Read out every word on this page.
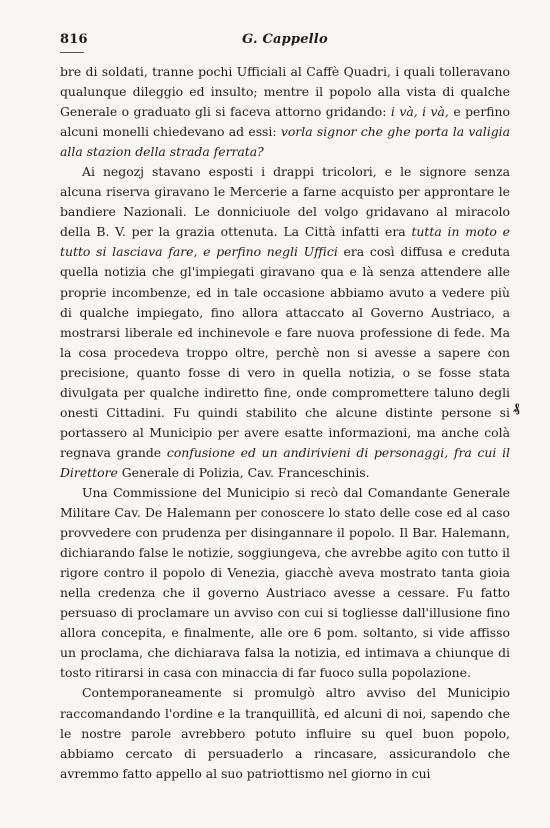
816	G. Cappello

bre di soldati, tranne pochi Ufficiali al Caffè Quadri, i quali tolleravano qualunque dileggio ed insulto; mentre il popolo alla vista di qualche Generale o graduato gli si faceva attorno gridando: i và, i và, e perfino alcuni monelli chiedevano ad essi: vorla signor che ghe porta la valigia alla stazion della strada ferrata?

Ai negozj stavano esposti i drappi tricolori, e le signore senza alcuna riserva giravano le Mercerie a farne acquisto per approntare le bandiere Nazionali. Le donniciuole del volgo gridavano al miracolo della B. V. per la grazia ottenuta. La Città infatti era tutta in moto e tutto si lasciava fare, e perfino negli Uffici era così diffusa e creduta quella notizia che gl'impiegati giravano qua e là senza attendere alle proprie incombenze, ed in tale occasione abbiamo avuto a vedere più di qualche impiegato, fino allora attaccato al Governo Austriaco, a mostrarsi liberale ed inchinevole e fare nuova professione di fede. Ma la cosa procedeva troppo oltre, perchè non si avesse a sapere con precisione, quanto fosse di vero in quella notizia, o se fosse stata divulgata per qualche indiretto fine, onde compromettere taluno degli onesti Cittadini. Fu quindi stabilito che alcune distinte persone si portassero al Municipio per avere esatte informazioni, ma anche colà regnava grande confusione ed un andirivieni di personaggi, fra cui il Direttore Generale di Polizia, Cav. Franceschinis.

Una Commissione del Municipio si recò dal Comandante Generale Militare Cav. De Halemann per conoscere lo stato delle cose ed al caso provvedere con prudenza per disingannare il popolo. Il Bar. Halemann, dichiarando false le notizie, soggiungeva, che avrebbe agito con tutto il rigore contro il popolo di Venezia, giacchè aveva mostrato tanta gioia nella credenza che il governo Austriaco avesse a cessare. Fu fatto persuaso di proclamare un avviso con cui si togliesse dall'illusione fino allora concepita, e finalmente, alle ore 6 pom. soltanto, si vide affisso un proclama, che dichiarava falsa la notizia, ed intimava a chiunque di tosto ritirarsi in casa con minaccia di far fuoco sulla popolazione.

Contemporaneamente si promulgò altro avviso del Municipio raccomandando l'ordine e la tranquillità, ed alcuni di noi, sapendo che le nostre parole avrebbero potuto influire su quel buon popolo, abbiamo cercato di persuaderlo a rincasare, assicurandolo che avremmo fatto appello al suo patriottismo nel giorno in cui

₰
